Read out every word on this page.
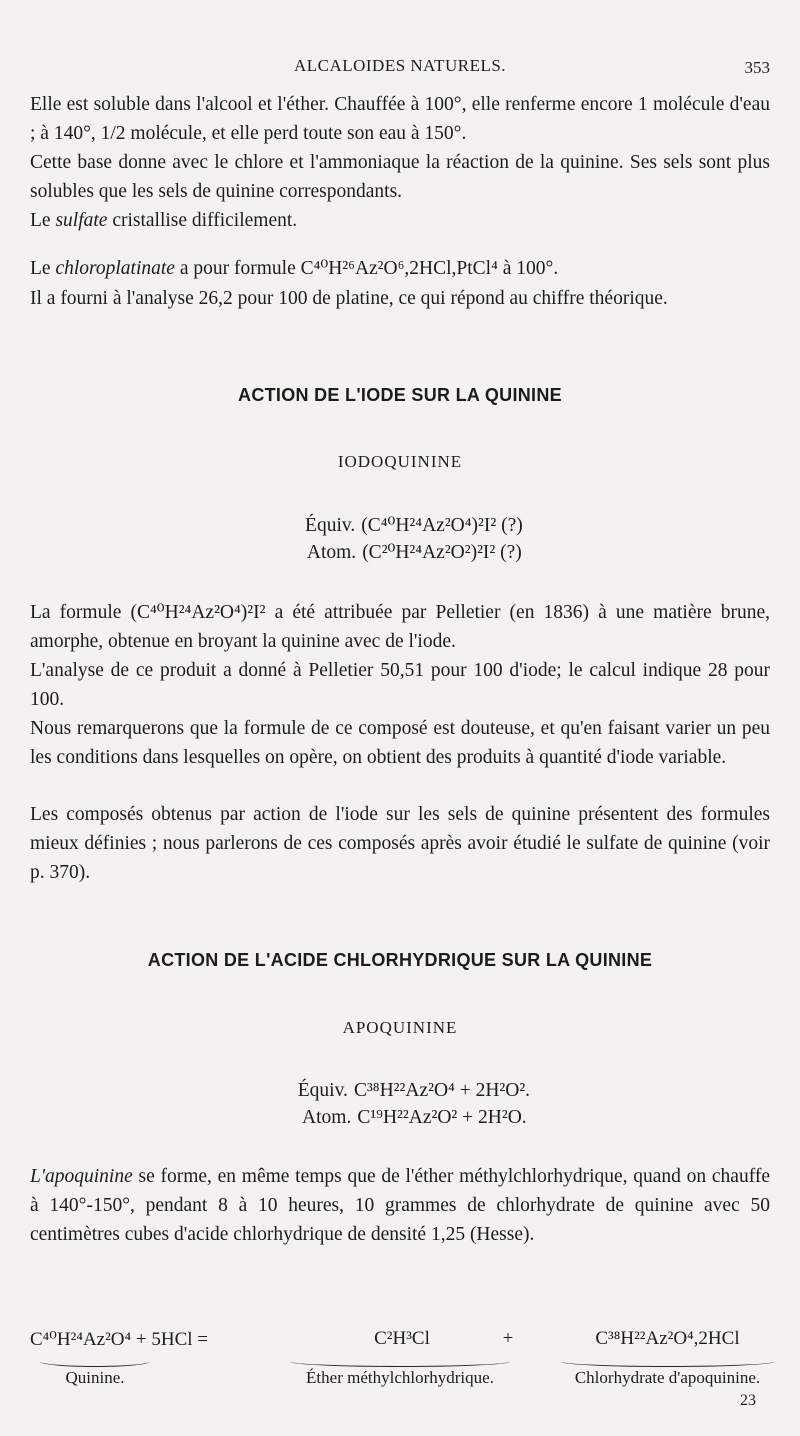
ALCALOIDES NATURELS.	353
Elle est soluble dans l'alcool et l'éther. Chauffée à 100°, elle renferme encore 1 molécule d'eau ; à 140°, 1/2 molécule, et elle perd toute son eau à 150°.
Cette base donne avec le chlore et l'ammoniaque la réaction de la quinine. Ses sels sont plus solubles que les sels de quinine correspondants.
Le sulfate cristallise difficilement.
Le chloroplatinate a pour formule C⁴⁰H²⁶Az²O⁶,2HCl,PtCl⁴ à 100°.
Il a fourni à l'analyse 26,2 pour 100 de platine, ce qui répond au chiffre théorique.
ACTION DE L'IODE SUR LA QUININE
IODOQUININE
Équiv. (C⁴⁰H²⁴Az²O⁴)²I² (?)
Atom. (C²⁰H²⁴Az²O²)²I² (?)
La formule (C⁴⁰H²⁴Az²O⁴)²I² a été attribuée par Pelletier (en 1836) à une matière brune, amorphe, obtenue en broyant la quinine avec de l'iode.
L'analyse de ce produit a donné à Pelletier 50,51 pour 100 d'iode; le calcul indique 28 pour 100.
Nous remarquerons que la formule de ce composé est douteuse, et qu'en faisant varier un peu les conditions dans lesquelles on opère, on obtient des produits à quantité d'iode variable.
Les composés obtenus par action de l'iode sur les sels de quinine présentent des formules mieux définies ; nous parlerons de ces composés après avoir étudié le sulfate de quinine (voir p. 370).
ACTION DE L'ACIDE CHLORHYDRIQUE SUR LA QUININE
APOQUININE
Équiv. C³⁸H²²Az²O⁴ + 2H²O².
Atom. C¹⁹H²²Az²O² + 2H²O.
L'apoquinine se forme, en même temps que de l'éther méthylchlorhydrique, quand on chauffe à 140°-150°, pendant 8 à 10 heures, 10 grammes de chlorhydrate de quinine avec 50 centimètres cubes d'acide chlorhydrique de densité 1,25 (Hesse).
C⁴⁰H²⁴Az²O⁴ + 5HCl =	C²H³Cl	+	C³⁸H²²Az²O⁴,2HCl
Quinine.	Éther méthylchlorhydrique.	Chlorhydrate d'apoquinine.
23
